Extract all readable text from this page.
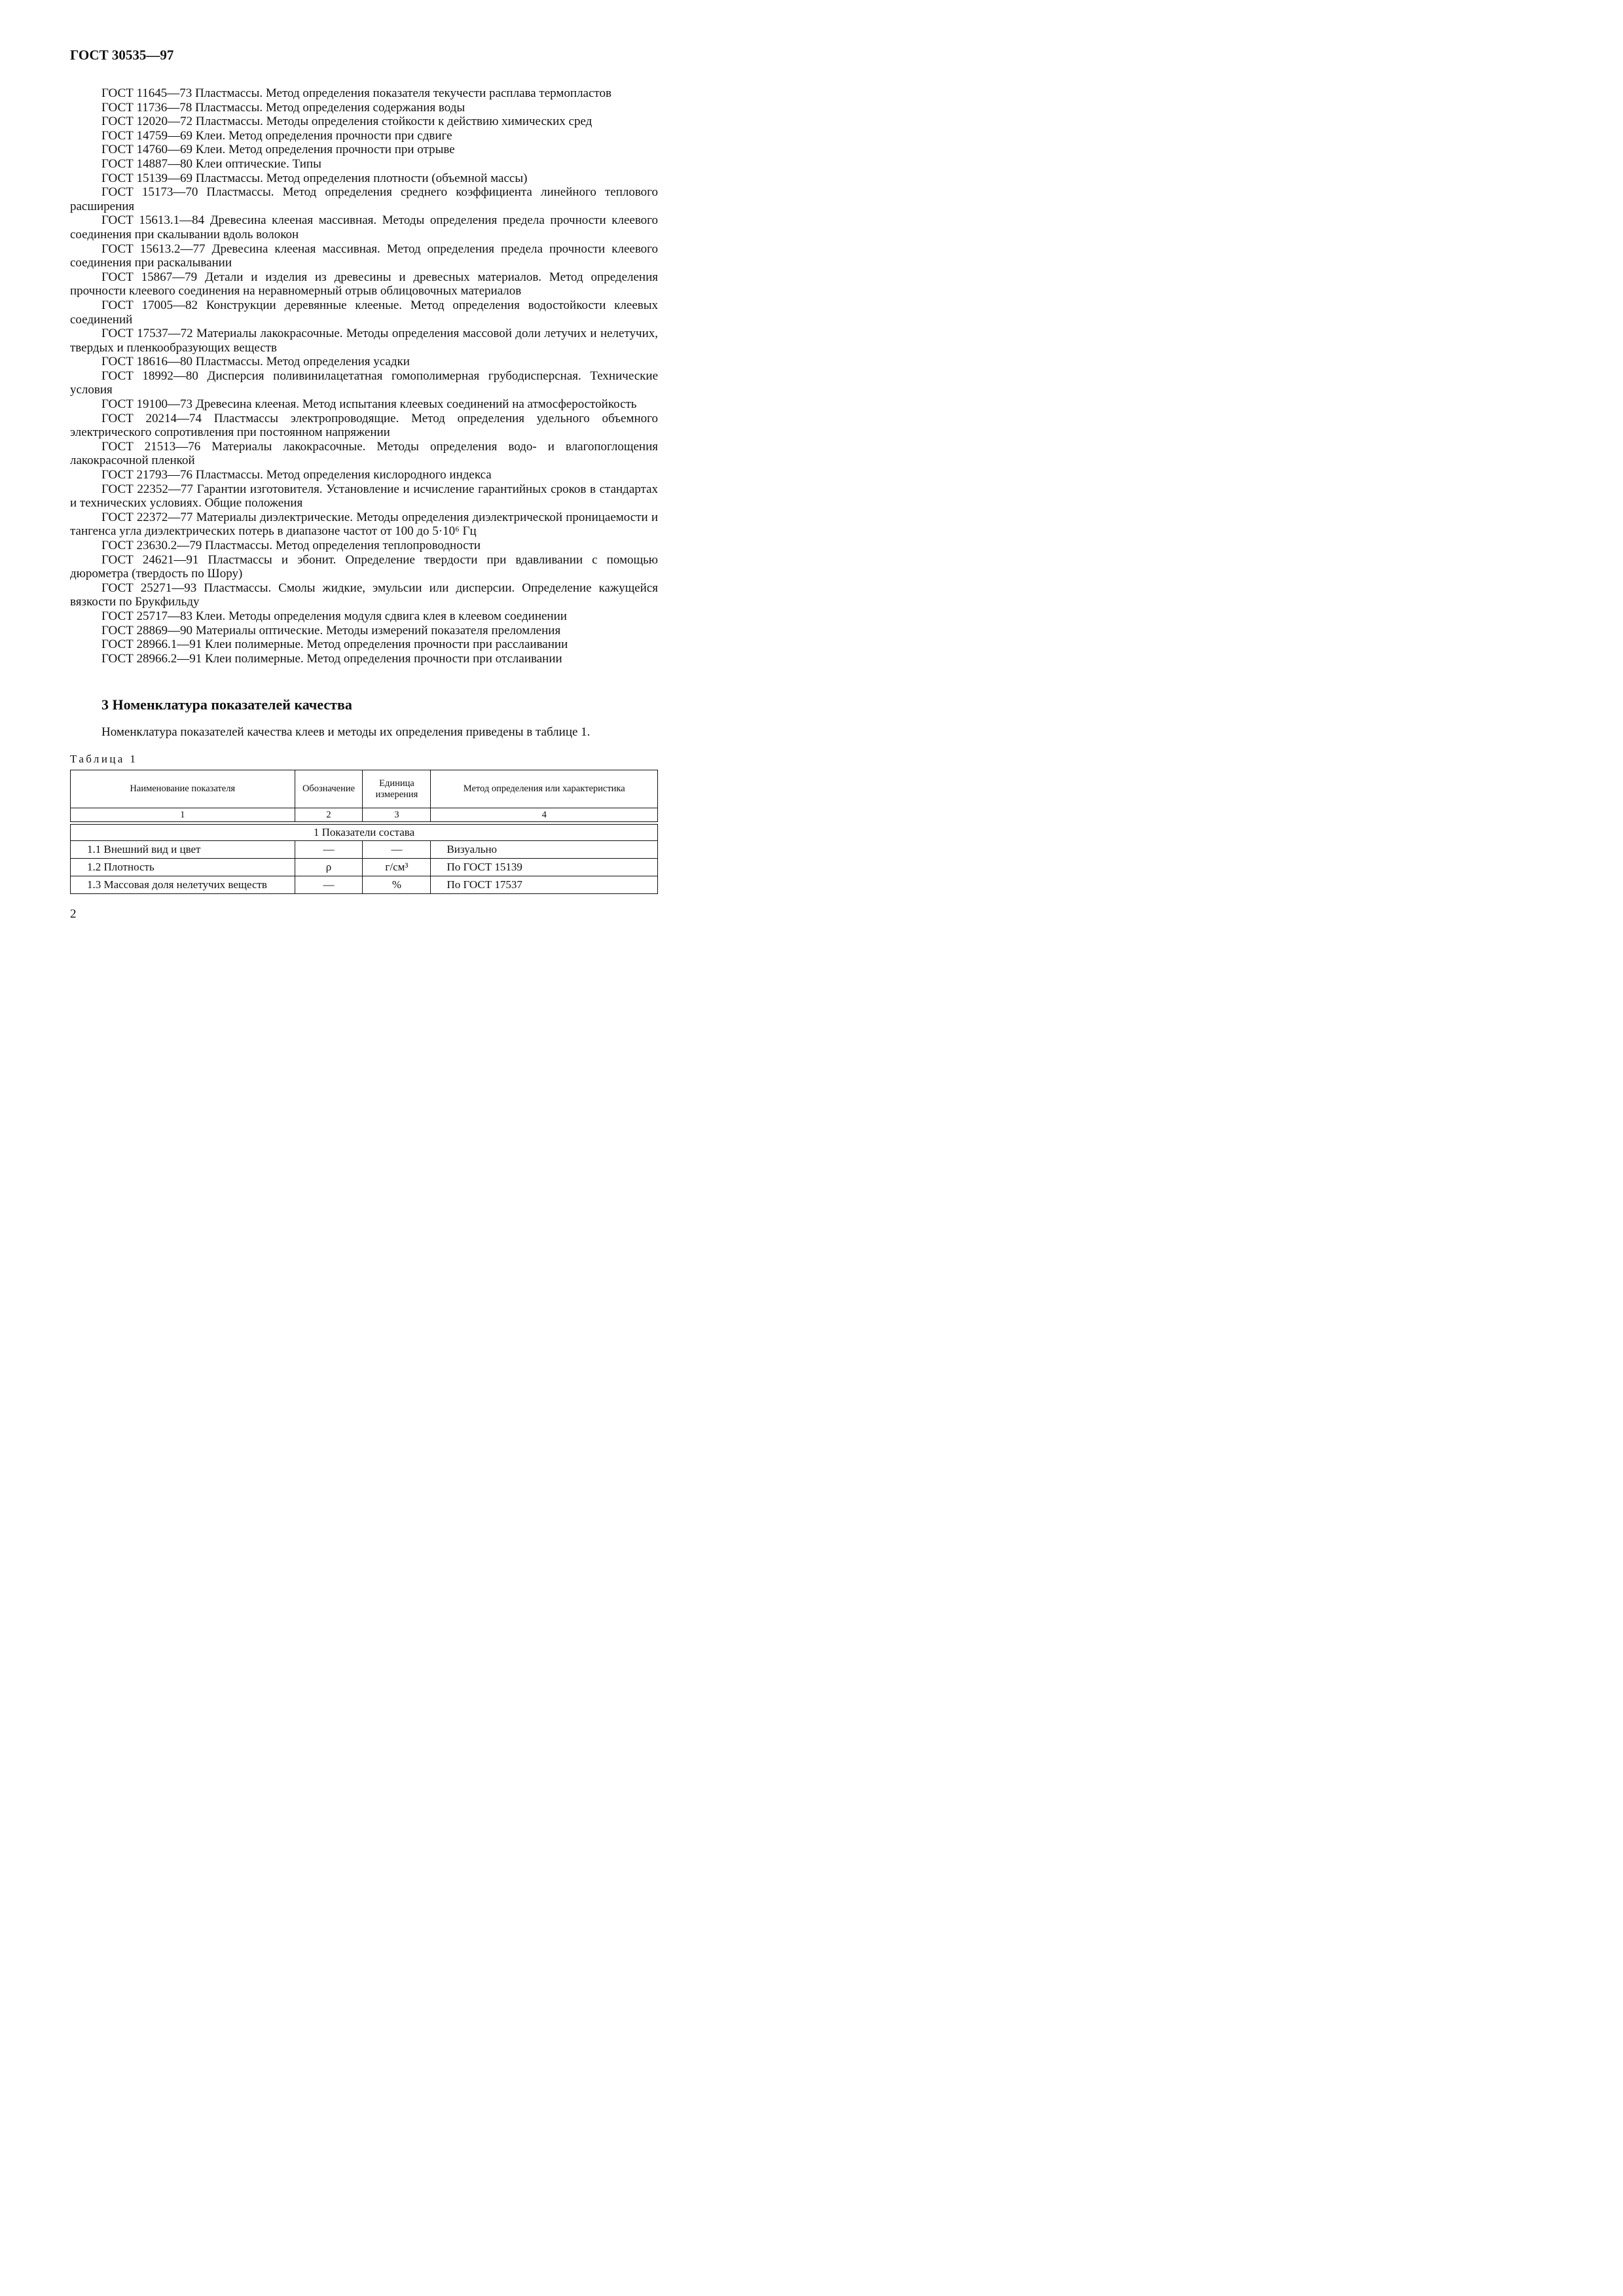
ГОСТ 30535—97

ГОСТ 11645—73 Пластмассы. Метод определения показателя текучести расплава термопластов
ГОСТ 11736—78 Пластмассы. Метод определения содержания воды
ГОСТ 12020—72 Пластмассы. Методы определения стойкости к действию химических сред
ГОСТ 14759—69 Клеи. Метод определения прочности при сдвиге
ГОСТ 14760—69 Клеи. Метод определения прочности при отрыве
ГОСТ 14887—80 Клеи оптические. Типы
ГОСТ 15139—69 Пластмассы. Метод определения плотности (объемной массы)
ГОСТ 15173—70 Пластмассы. Метод определения среднего коэффициента линейного теплового расширения
ГОСТ 15613.1—84 Древесина клееная массивная. Методы определения предела прочности клеевого соединения при скалывании вдоль волокон
ГОСТ 15613.2—77 Древесина клееная массивная. Метод определения предела прочности клеевого соединения при раскалывании
ГОСТ 15867—79 Детали и изделия из древесины и древесных материалов. Метод определения прочности клеевого соединения на неравномерный отрыв облицовочных материалов
ГОСТ 17005—82 Конструкции деревянные клееные. Метод определения водостойкости клеевых соединений
ГОСТ 17537—72 Материалы лакокрасочные. Методы определения массовой доли летучих и нелетучих, твердых и пленкообразующих веществ
ГОСТ 18616—80 Пластмассы. Метод определения усадки
ГОСТ 18992—80 Дисперсия поливинилацетатная гомополимерная грубодисперсная. Технические условия
ГОСТ 19100—73 Древесина клееная. Метод испытания клеевых соединений на атмосферостойкость
ГОСТ 20214—74 Пластмассы электропроводящие. Метод определения удельного объемного электрического сопротивления при постоянном напряжении
ГОСТ 21513—76 Материалы лакокрасочные. Методы определения водо- и влагопоглощения лакокрасочной пленкой
ГОСТ 21793—76 Пластмассы. Метод определения кислородного индекса
ГОСТ 22352—77 Гарантии изготовителя. Установление и исчисление гарантийных сроков в стандартах и технических условиях. Общие положения
ГОСТ 22372—77 Материалы диэлектрические. Методы определения диэлектрической проницаемости и тангенса угла диэлектрических потерь в диапазоне частот от 100 до 5·10⁶ Гц
ГОСТ 23630.2—79 Пластмассы. Метод определения теплопроводности
ГОСТ 24621—91 Пластмассы и эбонит. Определение твердости при вдавливании с помощью дюрометра (твердость по Шору)
ГОСТ 25271—93 Пластмассы. Смолы жидкие, эмульсии или дисперсии. Определение кажущейся вязкости по Брукфильду
ГОСТ 25717—83 Клеи. Методы определения модуля сдвига клея в клеевом соединении
ГОСТ 28869—90 Материалы оптические. Методы измерений показателя преломления
ГОСТ 28966.1—91 Клеи полимерные. Метод определения прочности при расслаивании
ГОСТ 28966.2—91 Клеи полимерные. Метод определения прочности при отслаивании
3 Номенклатура показателей качества

Номенклатура показателей качества клеев и методы их определения приведены в таблице 1.

Таблица 1

Наименование показателя	Обозначение	Единица измерения	Метод определения или характеристика
1	2	3	4

1 Показатели состава			
1.1 Внешний вид и цвет	—	—	Визуально
1.2 Плотность	ρ	г/см³	По ГОСТ 15139
1.3 Массовая доля нелетучих веществ	—	%	По ГОСТ 17537

2
